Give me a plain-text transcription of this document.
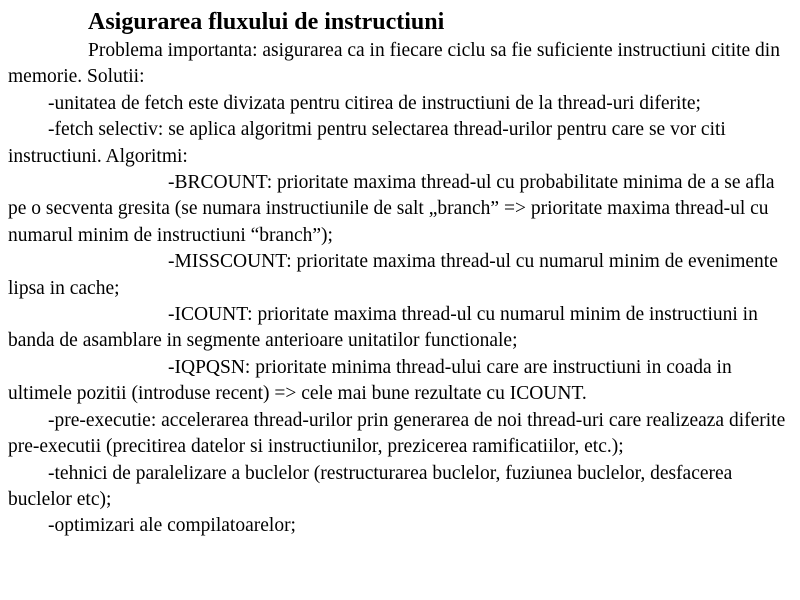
Asigurarea fluxului de instructiuni

Problema importanta: asigurarea ca in fiecare ciclu sa fie suficiente instructiuni citite din memorie. Solutii:

-unitatea de fetch este divizata pentru citirea de instructiuni de la thread-uri diferite;

-fetch selectiv: se aplica algoritmi pentru selectarea thread-urilor pentru care se vor citi instructiuni. Algoritmi:

-BRCOUNT: prioritate maxima thread-ul cu probabilitate minima de a se afla pe o secventa gresita (se numara instructiunile de salt „branch” => prioritate maxima thread-ul cu numarul minim de instructiuni “branch”);

-MISSCOUNT: prioritate maxima thread-ul cu numarul minim de evenimente lipsa in cache;

-ICOUNT: prioritate maxima thread-ul cu numarul minim de instructiuni in banda de asamblare in segmente anterioare unitatilor functionale;

-IQPQSN: prioritate minima thread-ului care are instructiuni in coada in ultimele pozitii (introduse recent) => cele mai bune rezultate cu ICOUNT.

-pre-executie: accelerarea thread-urilor prin generarea de noi thread-uri care realizeaza diferite pre-executii (precitirea datelor si instructiunilor, prezicerea ramificatiilor, etc.);

-tehnici de paralelizare a buclelor (restructurarea buclelor, fuziunea buclelor, desfacerea buclelor etc);

-optimizari ale compilatoarelor;
